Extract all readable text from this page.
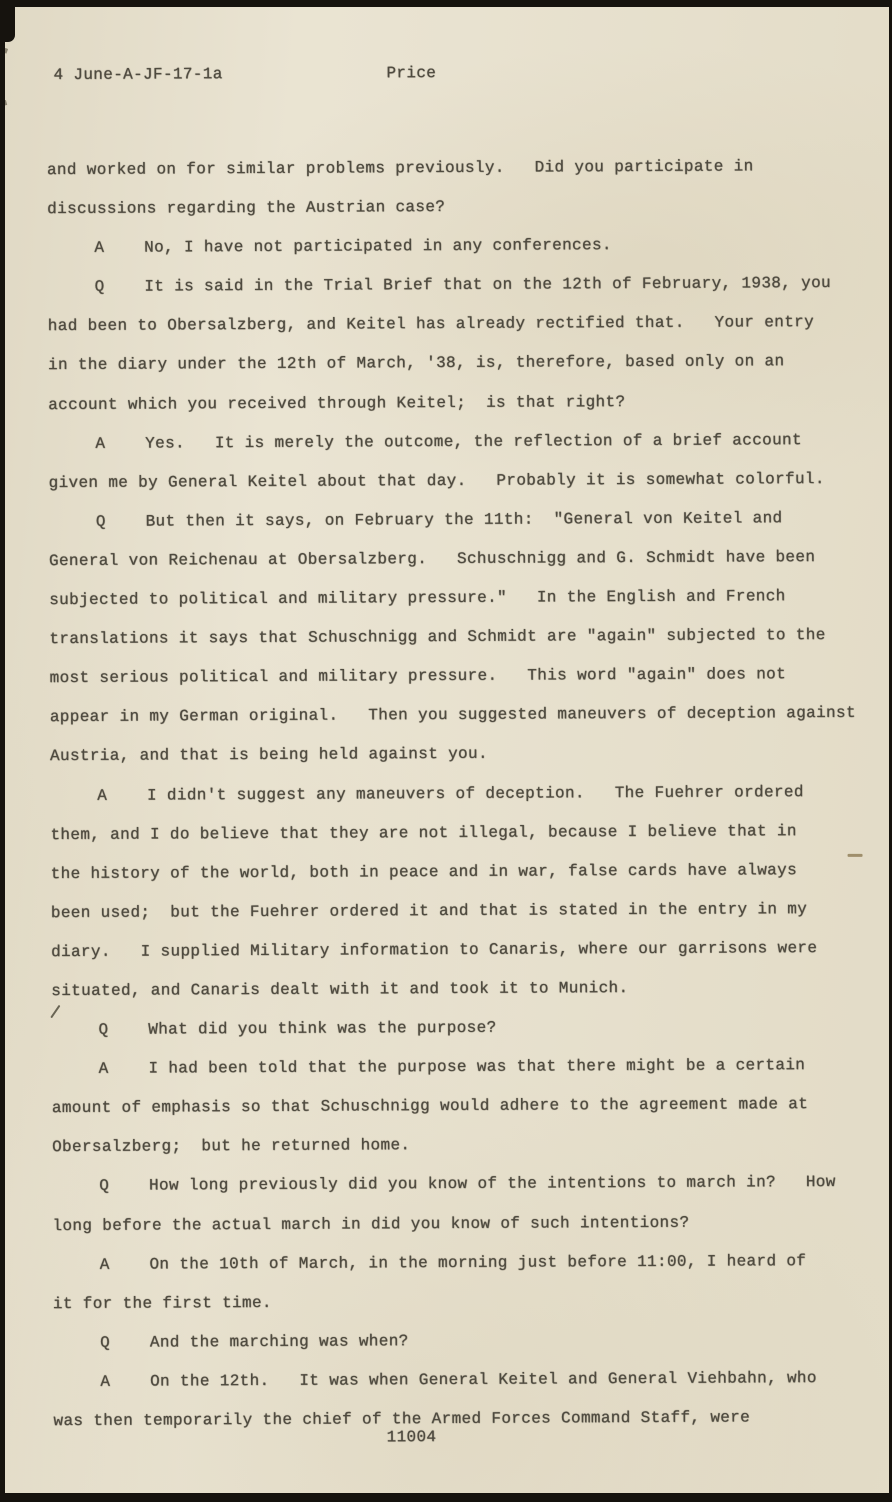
4 June-A-JF-17-1a	Price
and worked on for similar problems previously.   Did you participate in
discussions regarding the Austrian case?
A    No, I have not participated in any conferences.
Q    It is said in the Trial Brief that on the 12th of February, 1938, you
had been to Obersalzberg, and Keitel has already rectified that.   Your entry
in the diary under the 12th of March, '38, is, therefore, based only on an
account which you received through Keitel;  is that right?
A    Yes.   It is merely the outcome, the reflection of a brief account
given me by General Keitel about that day.   Probably it is somewhat colorful.
Q    But then it says, on February the 11th:  "General von Keitel and
General von Reichenau at Obersalzberg.   Schuschnigg and G. Schmidt have been
subjected to political and military pressure."   In the English and French
translations it says that Schuschnigg and Schmidt are "again" subjected to the
most serious political and military pressure.   This word "again" does not
appear in my German original.   Then you suggested maneuvers of deception against
Austria, and that is being held against you.
A    I didn't suggest any maneuvers of deception.   The Fuehrer ordered
them, and I do believe that they are not illegal, because I believe that in
the history of the world, both in peace and in war, false cards have always
been used;  but the Fuehrer ordered it and that is stated in the entry in my
diary.   I supplied Military information to Canaris, where our garrisons were
situated, and Canaris dealt with it and took it to Munich.
Q    What did you think was the purpose?
A    I had been told that the purpose was that there might be a certain
amount of emphasis so that Schuschnigg would adhere to the agreement made at
Obersalzberg;  but he returned home.
Q    How long previously did you know of the intentions to march in?   How
long before the actual march in did you know of such intentions?
A    On the 10th of March, in the morning just before 11:00, I heard of
it for the first time.
Q    And the marching was when?
A    On the 12th.   It was when General Keitel and General Viehbahn, who
was then temporarily the chief of the Armed Forces Command Staff, were
11004
